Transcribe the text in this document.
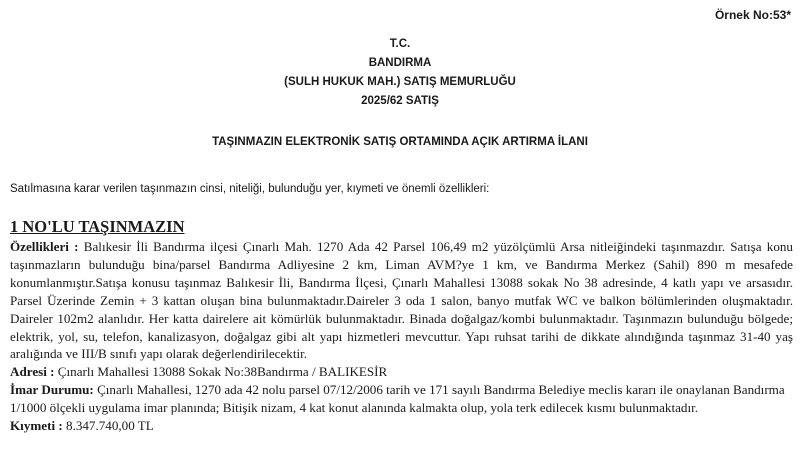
Örnek No:53*
T.C.
BANDIRMA
(SULH HUKUK MAH.) SATIŞ MEMURLUĞU
2025/62 SATIŞ
TAŞINMAZIN ELEKTRONİK SATIŞ ORTAMINDA AÇIK ARTIRMA İLANI
Satılmasına karar verilen taşınmazın cinsi, niteliği, bulunduğu yer, kıymeti ve önemli özellikleri:
1 NO'LU TAŞINMAZIN

Özellikleri : Balıkesir İli Bandırma ilçesi Çınarlı Mah. 1270 Ada 42 Parsel 106,49 m2 yüzölçümlü Arsa nitleiğindeki taşınmazdır. Satışa konu taşınmazların bulunduğu bina/parsel Bandırma Adliyesine 2 km, Liman AVM?ye 1 km, ve Bandırma Merkez (Sahil) 890 m mesafede konumlanmıştır.Satışa konusu taşınmaz Balıkesir İli, Bandırma İlçesi, Çınarlı Mahallesi 13088 sokak No 38 adresinde, 4 katlı yapı ve arsasıdır. Parsel Üzerinde Zemin + 3 kattan oluşan bina bulunmaktadır.Daireler 3 oda 1 salon, banyo mutfak WC ve balkon bölümlerinden oluşmaktadır. Daireler 102m2 alanlıdır. Her katta dairelere ait kömürlük bulunmaktadır. Binada doğalgaz/kombi bulunmaktadır. Taşınmazın bulunduğu bölgede; elektrik, yol, su, telefon, kanalizasyon, doğalgaz gibi alt yapı hizmetleri mevcuttur. Yapı ruhsat tarihi de dikkate alındığında taşınmaz 31-40 yaş aralığında ve III/B sınıfı yapı olarak değerlendirilecektir.

Adresi : Çınarlı Mahallesi 13088 Sokak No:38Bandırma / BALIKESİR

İmar Durumu: Çınarlı Mahallesi, 1270 ada 42 nolu parsel 07/12/2006 tarih ve 171 sayılı Bandırma Belediye meclis kararı ile onaylanan Bandırma 1/1000 ölçekli uygulama imar planında; Bitişik nizam, 4 kat konut alanında kalmakta olup, yola terk edilecek kısmı bulunmaktadır.

Kıymeti : 8.347.740,00 TL
